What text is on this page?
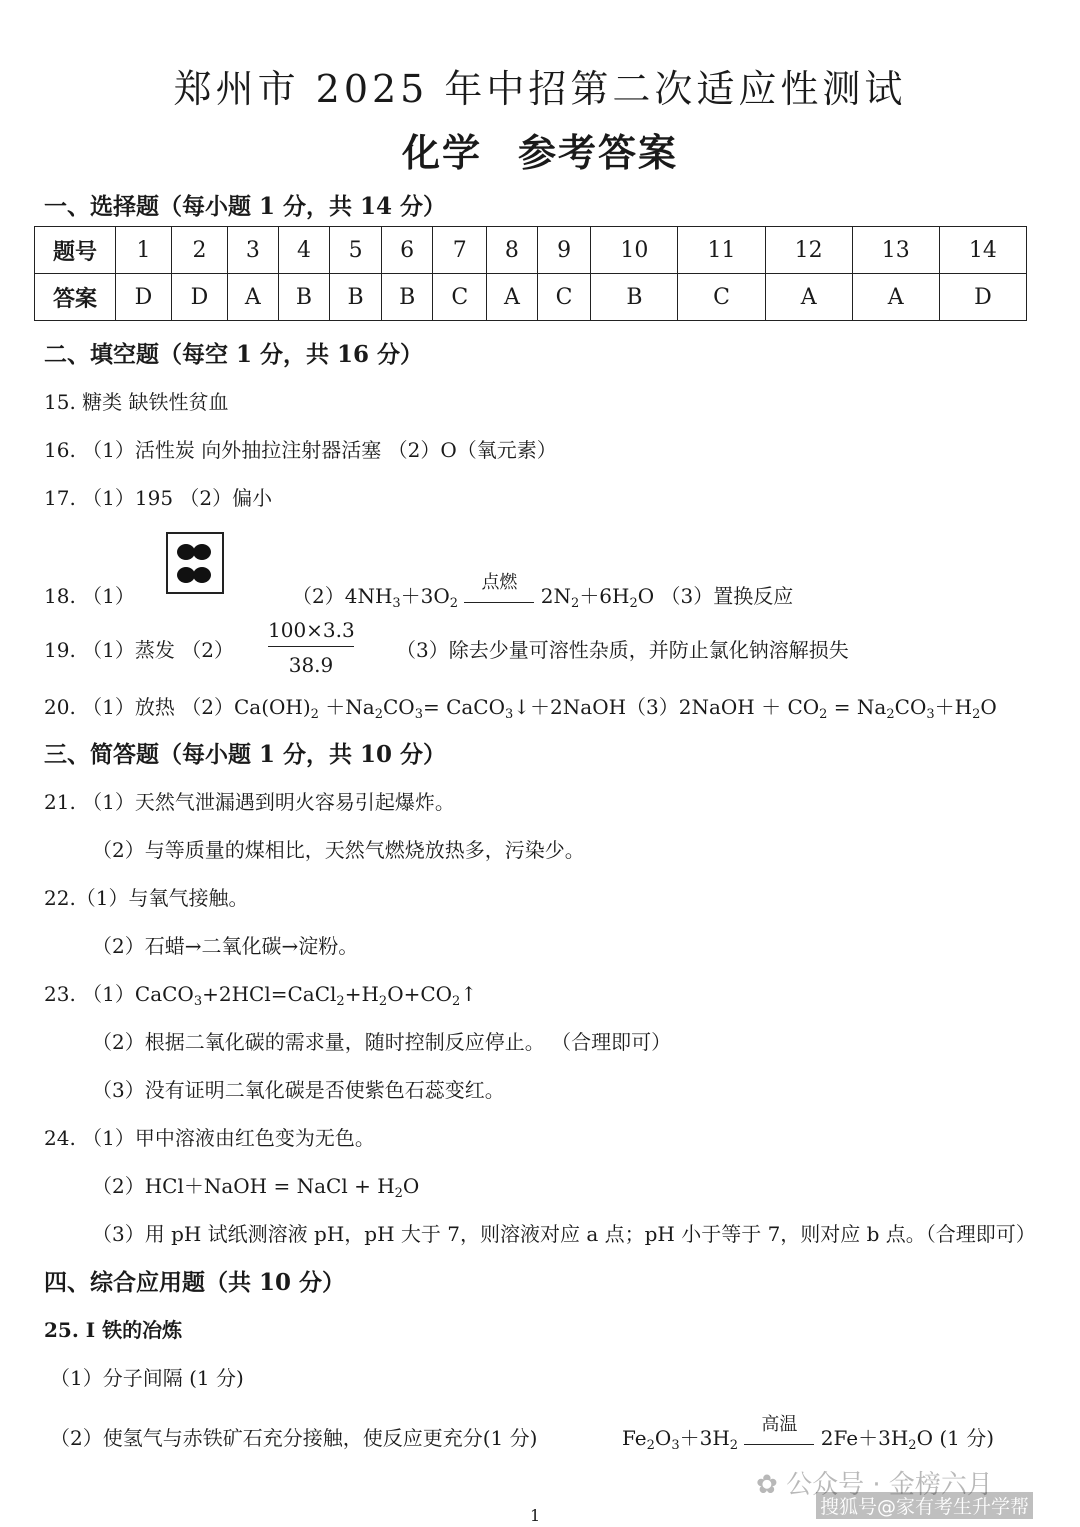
郑州市 2025 年中招第二次适应性测试
化学 参考答案
一、选择题（每小题 1 分，共 14 分）
题号	1	2	3	4	5	6	7	8	9	10	11	12	13	14
答案	D	D	A	B	B	B	C	A	C	B	C	A	A	D
二、填空题（每空 1 分，共 16 分）
15. 糖类 缺铁性贫血
16. （1）活性炭 向外抽拉注射器活塞 （2）O（氧元素）
17. （1）195 （2）偏小
18. （1）	$(2)4NH_3+3O_2$
点燃
$2N_2+6H_2O$ （3）置换反应
19. （1）蒸发 $(2) \frac{100\times 3.3}{38.9} (3)$除去少量可溶性杂质，并防止氯化钠溶解损失
20. （1）放热 $(2)Ca(OH)_2 +Na_2CO_3=$ CaCO$_3$↓＋2NaOH（3）2NaOH ＋ $CO_2 = Na_2CO_3+H_2O$
三、简答题（每小题 1 分，共 10 分）
21. （1）天然气泄漏遇到明火容易引起爆炸。
（2）与等质量的煤相比，天然气燃烧放热多，污染少。
22.（1）与氧气接触。
（2）石蜡→二氧化碳→淀粉。
23. $(1)CaCO_3+2HCl=CaCl_2+H_2O+CO_2↑$
（2）根据二氧化碳的需求量，随时控制反应停止。 （合理即可）
（3）没有证明二氧化碳是否使紫色石蕊变红。
24. （1）甲中溶液由红色变为无色。
（2）HCl＋NaOH = NaCl + $H_2O$
（3）用 pH 试纸测溶液 pH，pH 大于 7，则溶液对应 a 点；pH 小于等于 7，则对应 b 点。（合理即可）
四、综合应用题（共 10 分）
25. I 铁的冶炼
（1）分子间隔 (1 分)
（2）使氢气与赤铁矿石充分接触，使反应更充分(1 分)	$Fe_2O_3+3H_2$
高温
$2Fe+3H_2O$ (1 分)
✿ 公众号 · 金榜六月
搜狐号@家有考生升学帮
1
